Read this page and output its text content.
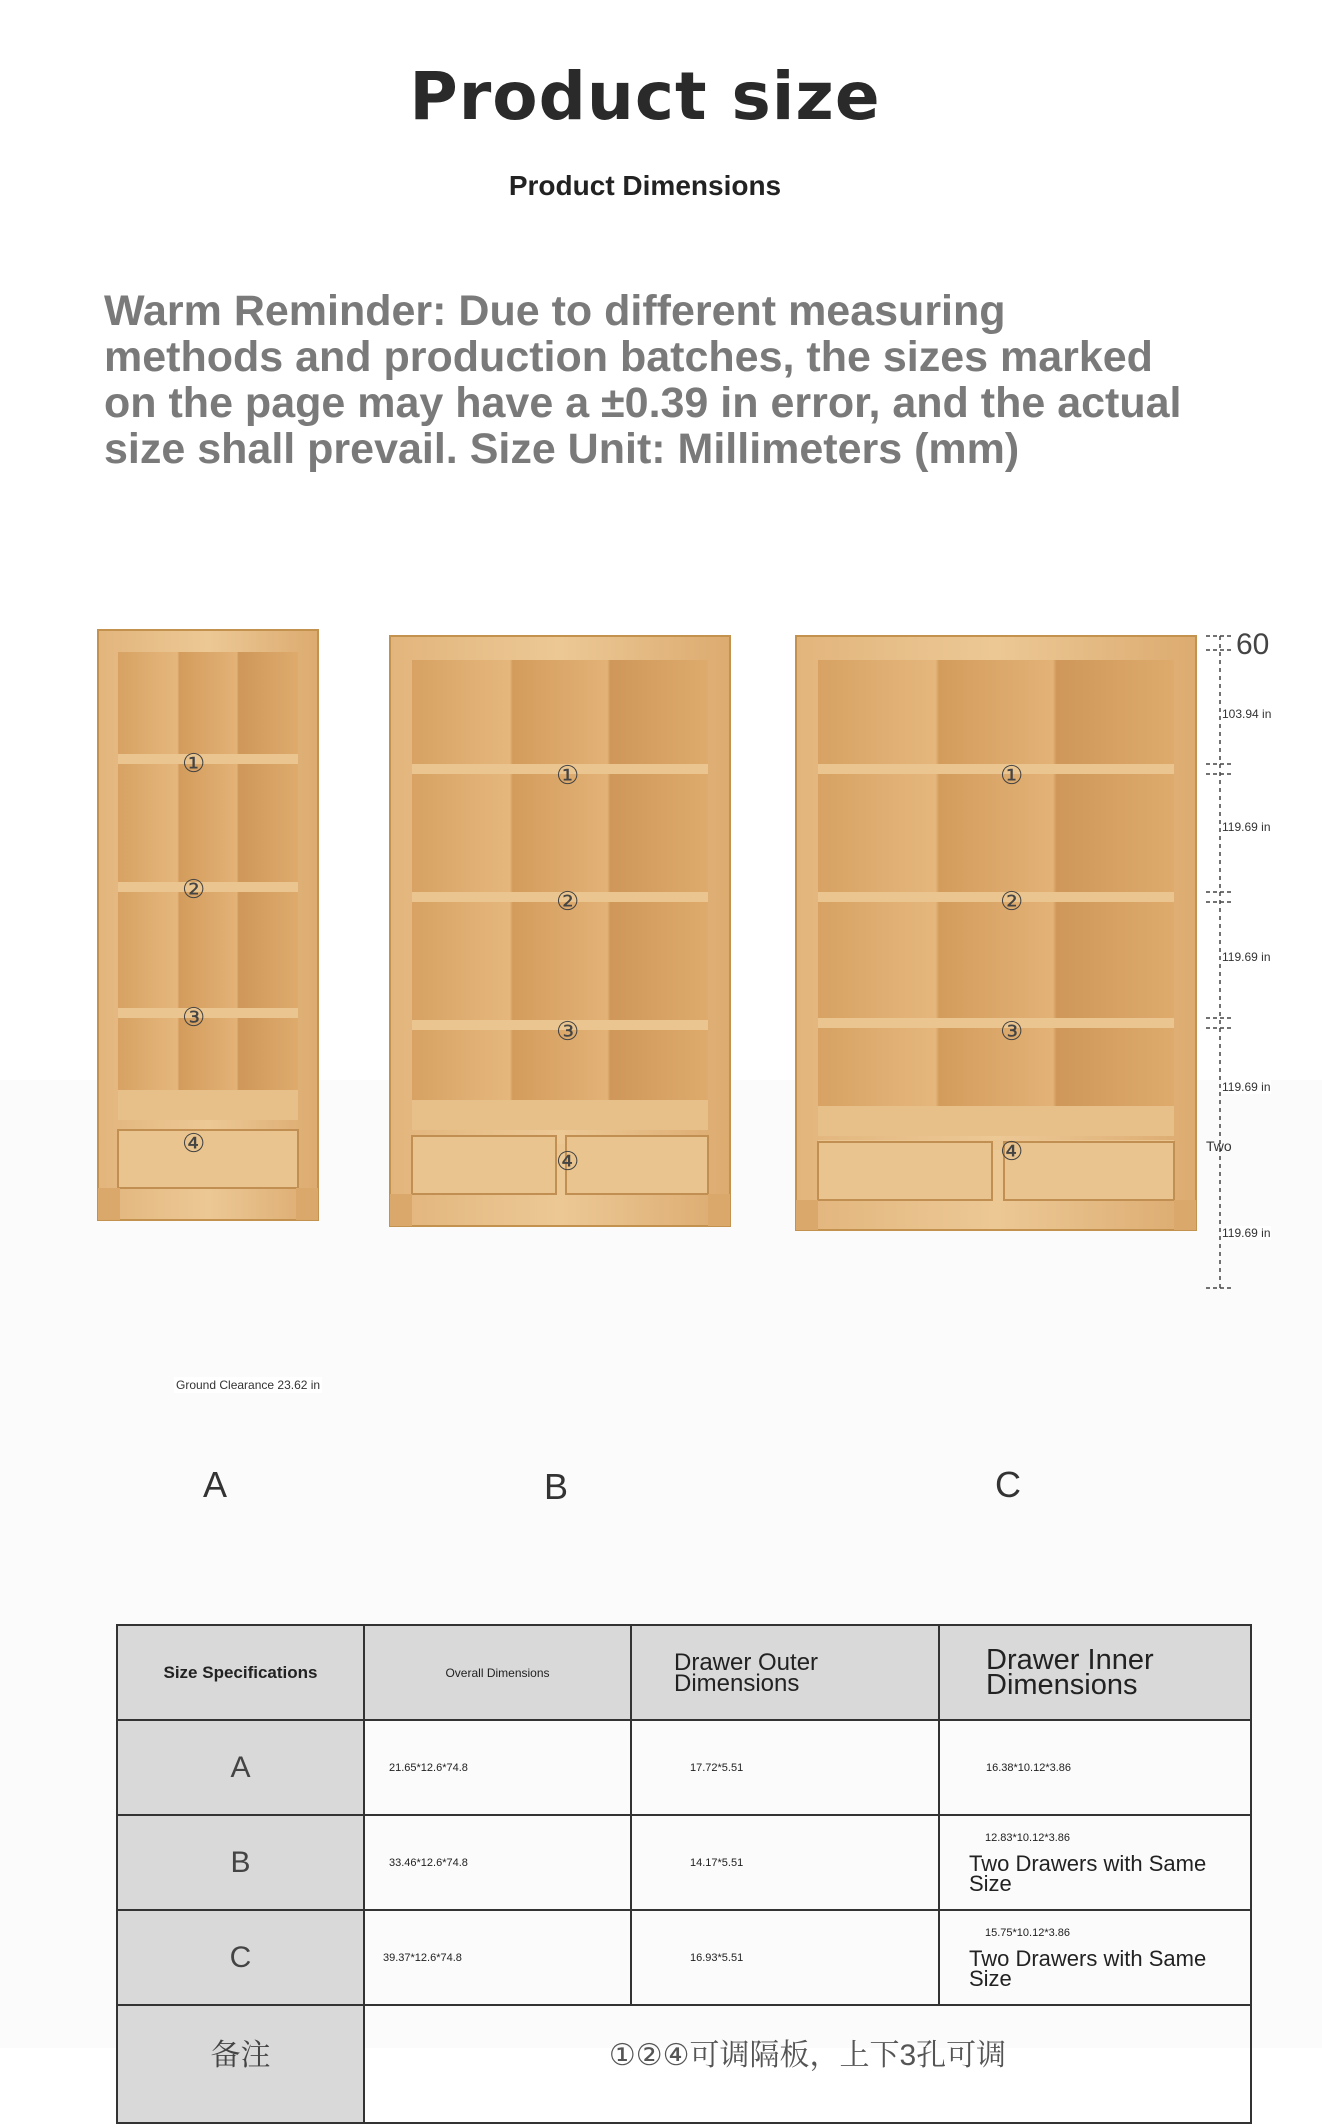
Product size
Product Dimensions
Warm Reminder: Due to different measuring methods and production batches, the sizes marked on the page may have a ±0.39 in error, and the actual size shall prevail. Size Unit: Millimeters (mm)
①
②
③
④
①
②
③
④
①
②
③
④
Ground Clearance 23.62 in
60
103.94 in
119.69 in
119.69 in
119.69 in
Two
119.69 in
A	B	C
Size Specifications	Overall Dimensions	Drawer Outer Dimensions	Drawer Inner Dimensions
A	21.65*12.6*74.8	17.72*5.51	16.38*10.12*3.86
B	33.46*12.6*74.8	14.17*5.51	12.83*10.12*3.86
Two Drawers with Same Size

C	39.37*12.6*74.8	16.93*5.51	15.75*10.12*3.86
Two Drawers with Same Size

备注	①②④可调隔板，上下3孔可调		
